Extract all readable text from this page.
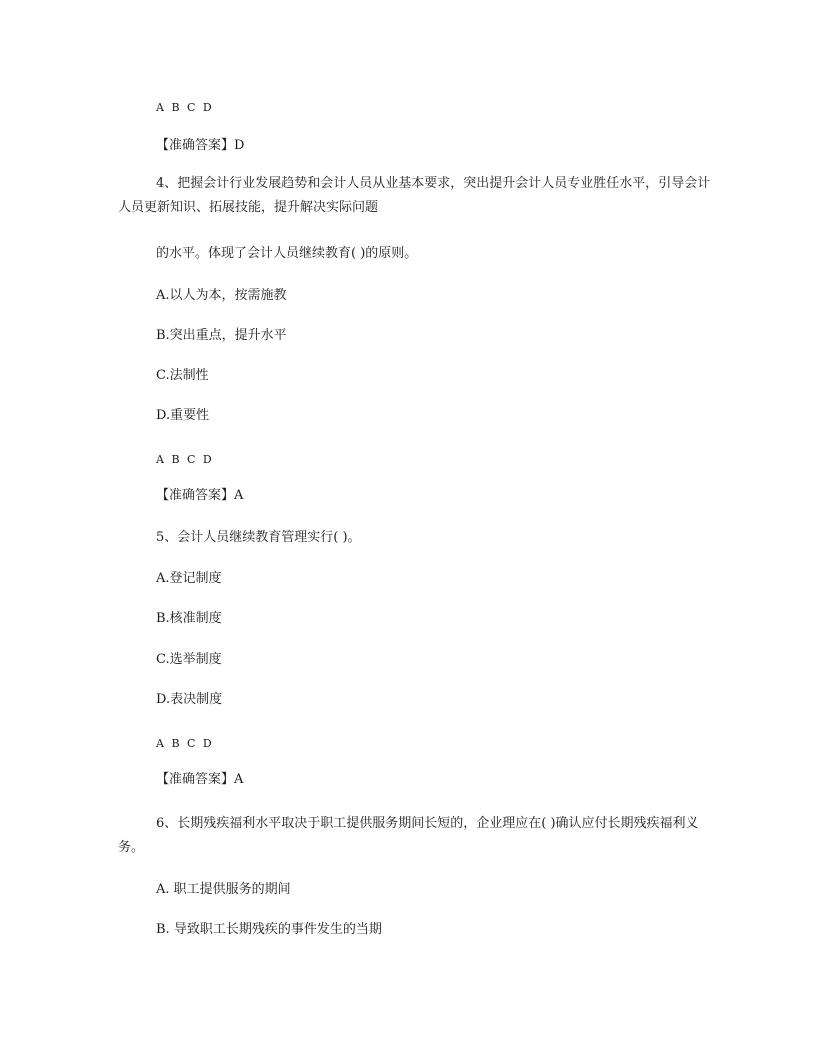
A B C D
【准确答案】D
4、把握会计行业发展趋势和会计人员从业基本要求，突出提升会计人员专业胜任水平，引导会计人员更新知识、拓展技能，提升解决实际问题
的水平。体现了会计人员继续教育( )的原则。
A.以人为本，按需施教
B.突出重点，提升水平
C.法制性
D.重要性
A B C D
【准确答案】A
5、会计人员继续教育管理实行( )。
A.登记制度
B.核准制度
C.选举制度
D.表决制度
A B C D
【准确答案】A
6、长期残疾福利水平取决于职工提供服务期间长短的，企业理应在( )确认应付长期残疾福利义务。
A. 职工提供服务的期间
B. 导致职工长期残疾的事件发生的当期
